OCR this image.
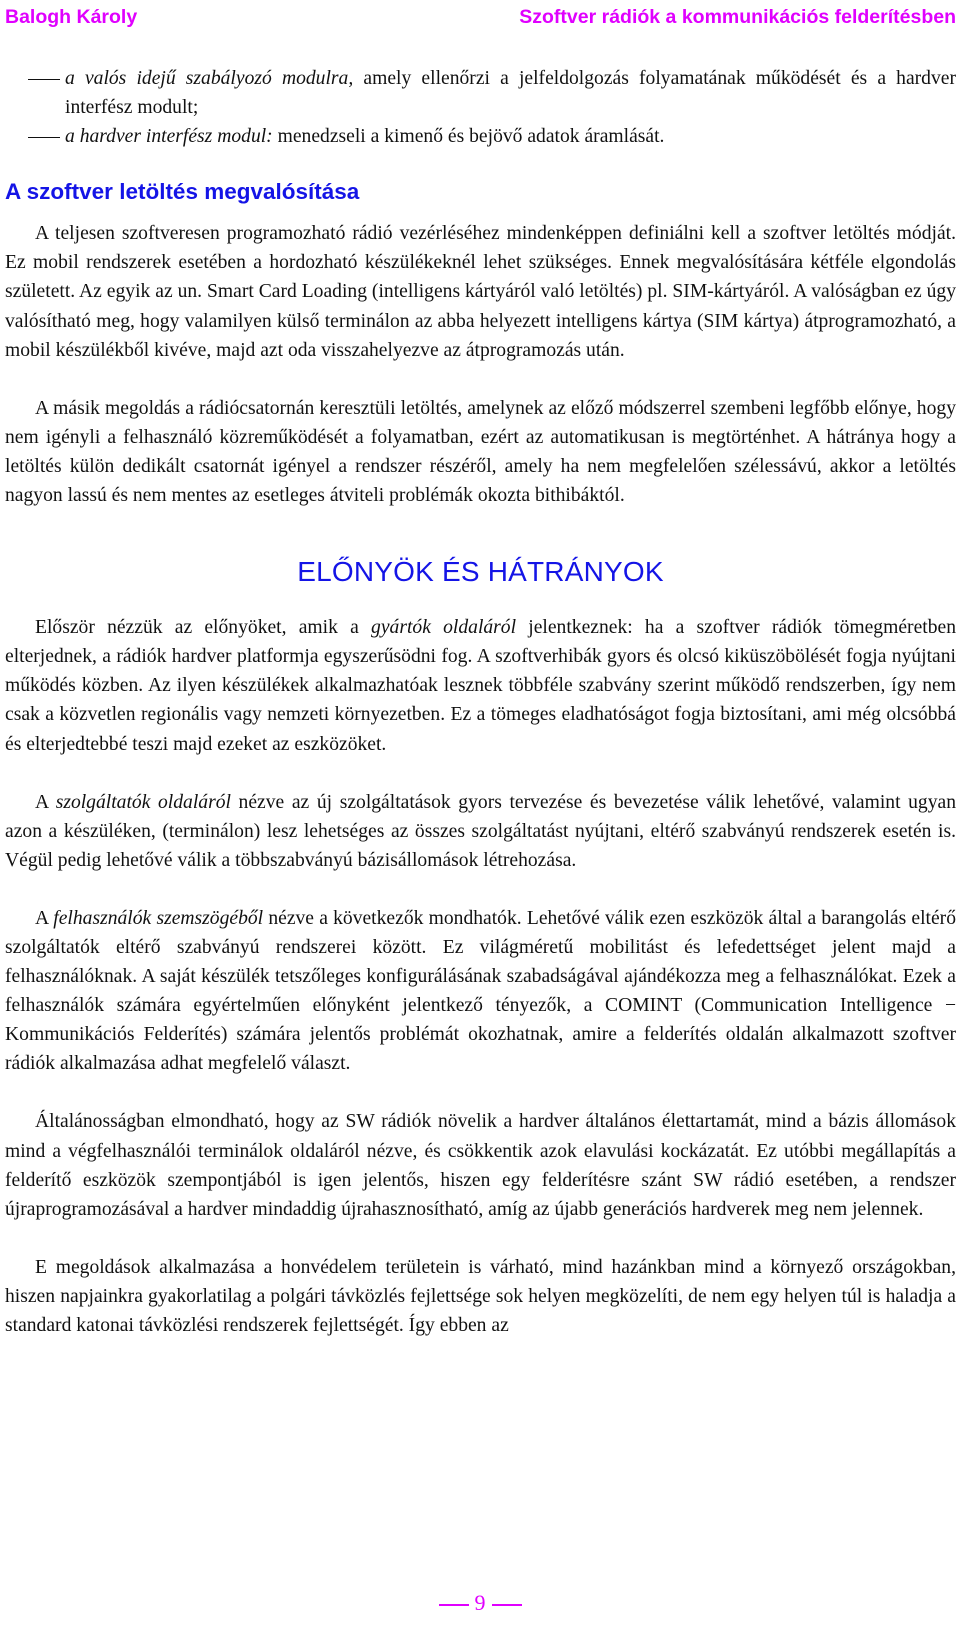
Balogh Károly	Szoftver rádiók a kommunikációs felderítésben
a valós idejű szabályozó modulra, amely ellenőrzi a jelfeldolgozás folyamatának működését és a hardver interfész modult;
a hardver interfész modul: menedzseli a kimenő és bejövő adatok áramlását.
A szoftver letöltés megvalósítása

A teljesen szoftveresen programozható rádió vezérléséhez mindenképpen definiálni kell a szoftver letöltés módját. Ez mobil rendszerek esetében a hordozható készülékeknél lehet szükséges. Ennek megvalósítására kétféle elgondolás született. Az egyik az un. Smart Card Loading (intelligens kártyáról való letöltés) pl. SIM-kártyáról. A valóságban ez úgy valósítható meg, hogy valamilyen külső terminálon az abba helyezett intelligens kártya (SIM kártya) átprogramozható, a mobil készülékből kivéve, majd azt oda visszahelyezve az átprogramozás után.

A másik megoldás a rádiócsatornán keresztüli letöltés, amelynek az előző módszerrel szembeni legfőbb előnye, hogy nem igényli a felhasználó közreműködését a folyamatban, ezért az automatikusan is megtörténhet. A hátránya hogy a letöltés külön dedikált csatornát igényel a rendszer részéről, amely ha nem megfelelően szélessávú, akkor a letöltés nagyon lassú és nem mentes az esetleges átviteli problémák okozta bithibáktól.

ELŐNYÖK ÉS HÁTRÁNYOK

Először nézzük az előnyöket, amik a gyártók oldaláról jelentkeznek: ha a szoftver rádiók tömegméretben elterjednek, a rádiók hardver platformja egyszerűsödni fog. A szoftverhibák gyors és olcsó kiküszöbölését fogja nyújtani működés közben. Az ilyen készülékek alkalmazhatóak lesznek többféle szabvány szerint működő rendszerben, így nem csak a közvetlen regionális vagy nemzeti környezetben. Ez a tömeges eladhatóságot fogja biztosítani, ami még olcsóbbá és elterjedtebbé teszi majd ezeket az eszközöket.

A szolgáltatók oldaláról nézve az új szolgáltatások gyors tervezése és bevezetése válik lehetővé, valamint ugyan azon a készüléken, (terminálon) lesz lehetséges az összes szolgáltatást nyújtani, eltérő szabványú rendszerek esetén is. Végül pedig lehetővé válik a többszabványú bázisállomások létrehozása.

A felhasználók szemszögéből nézve a következők mondhatók. Lehetővé válik ezen eszközök által a barangolás eltérő szolgáltatók eltérő szabványú rendszerei között. Ez világméretű mobilitást és lefedettséget jelent majd a felhasználóknak. A saját készülék tetszőleges konfigurálásának szabadságával ajándékozza meg a felhasználókat. Ezek a felhasználók számára egyértelműen előnyként jelentkező tényezők, a COMINT (Communication Intelligence − Kommunikációs Felderítés) számára jelentős problémát okozhatnak, amire a felderítés oldalán alkalmazott szoftver rádiók alkalmazása adhat megfelelő választ.

Általánosságban elmondható, hogy az SW rádiók növelik a hardver általános élettartamát, mind a bázis állomások mind a végfelhasználói terminálok oldaláról nézve, és csökkentik azok elavulási kockázatát. Ez utóbbi megállapítás a felderítő eszközök szempontjából is igen jelentős, hiszen egy felderítésre szánt SW rádió esetében, a rendszer újraprogramozásával a hardver mindaddig újrahasznosítható, amíg az újabb generációs hardverek meg nem jelennek.

E megoldások alkalmazása a honvédelem területein is várható, mind hazánkban mind a környező országokban, hiszen napjainkra gyakorlatilag a polgári távközlés fejlettsége sok helyen megközelíti, de nem egy helyen túl is haladja a standard katonai távközlési rendszerek fejlettségét. Így ebben az

9
